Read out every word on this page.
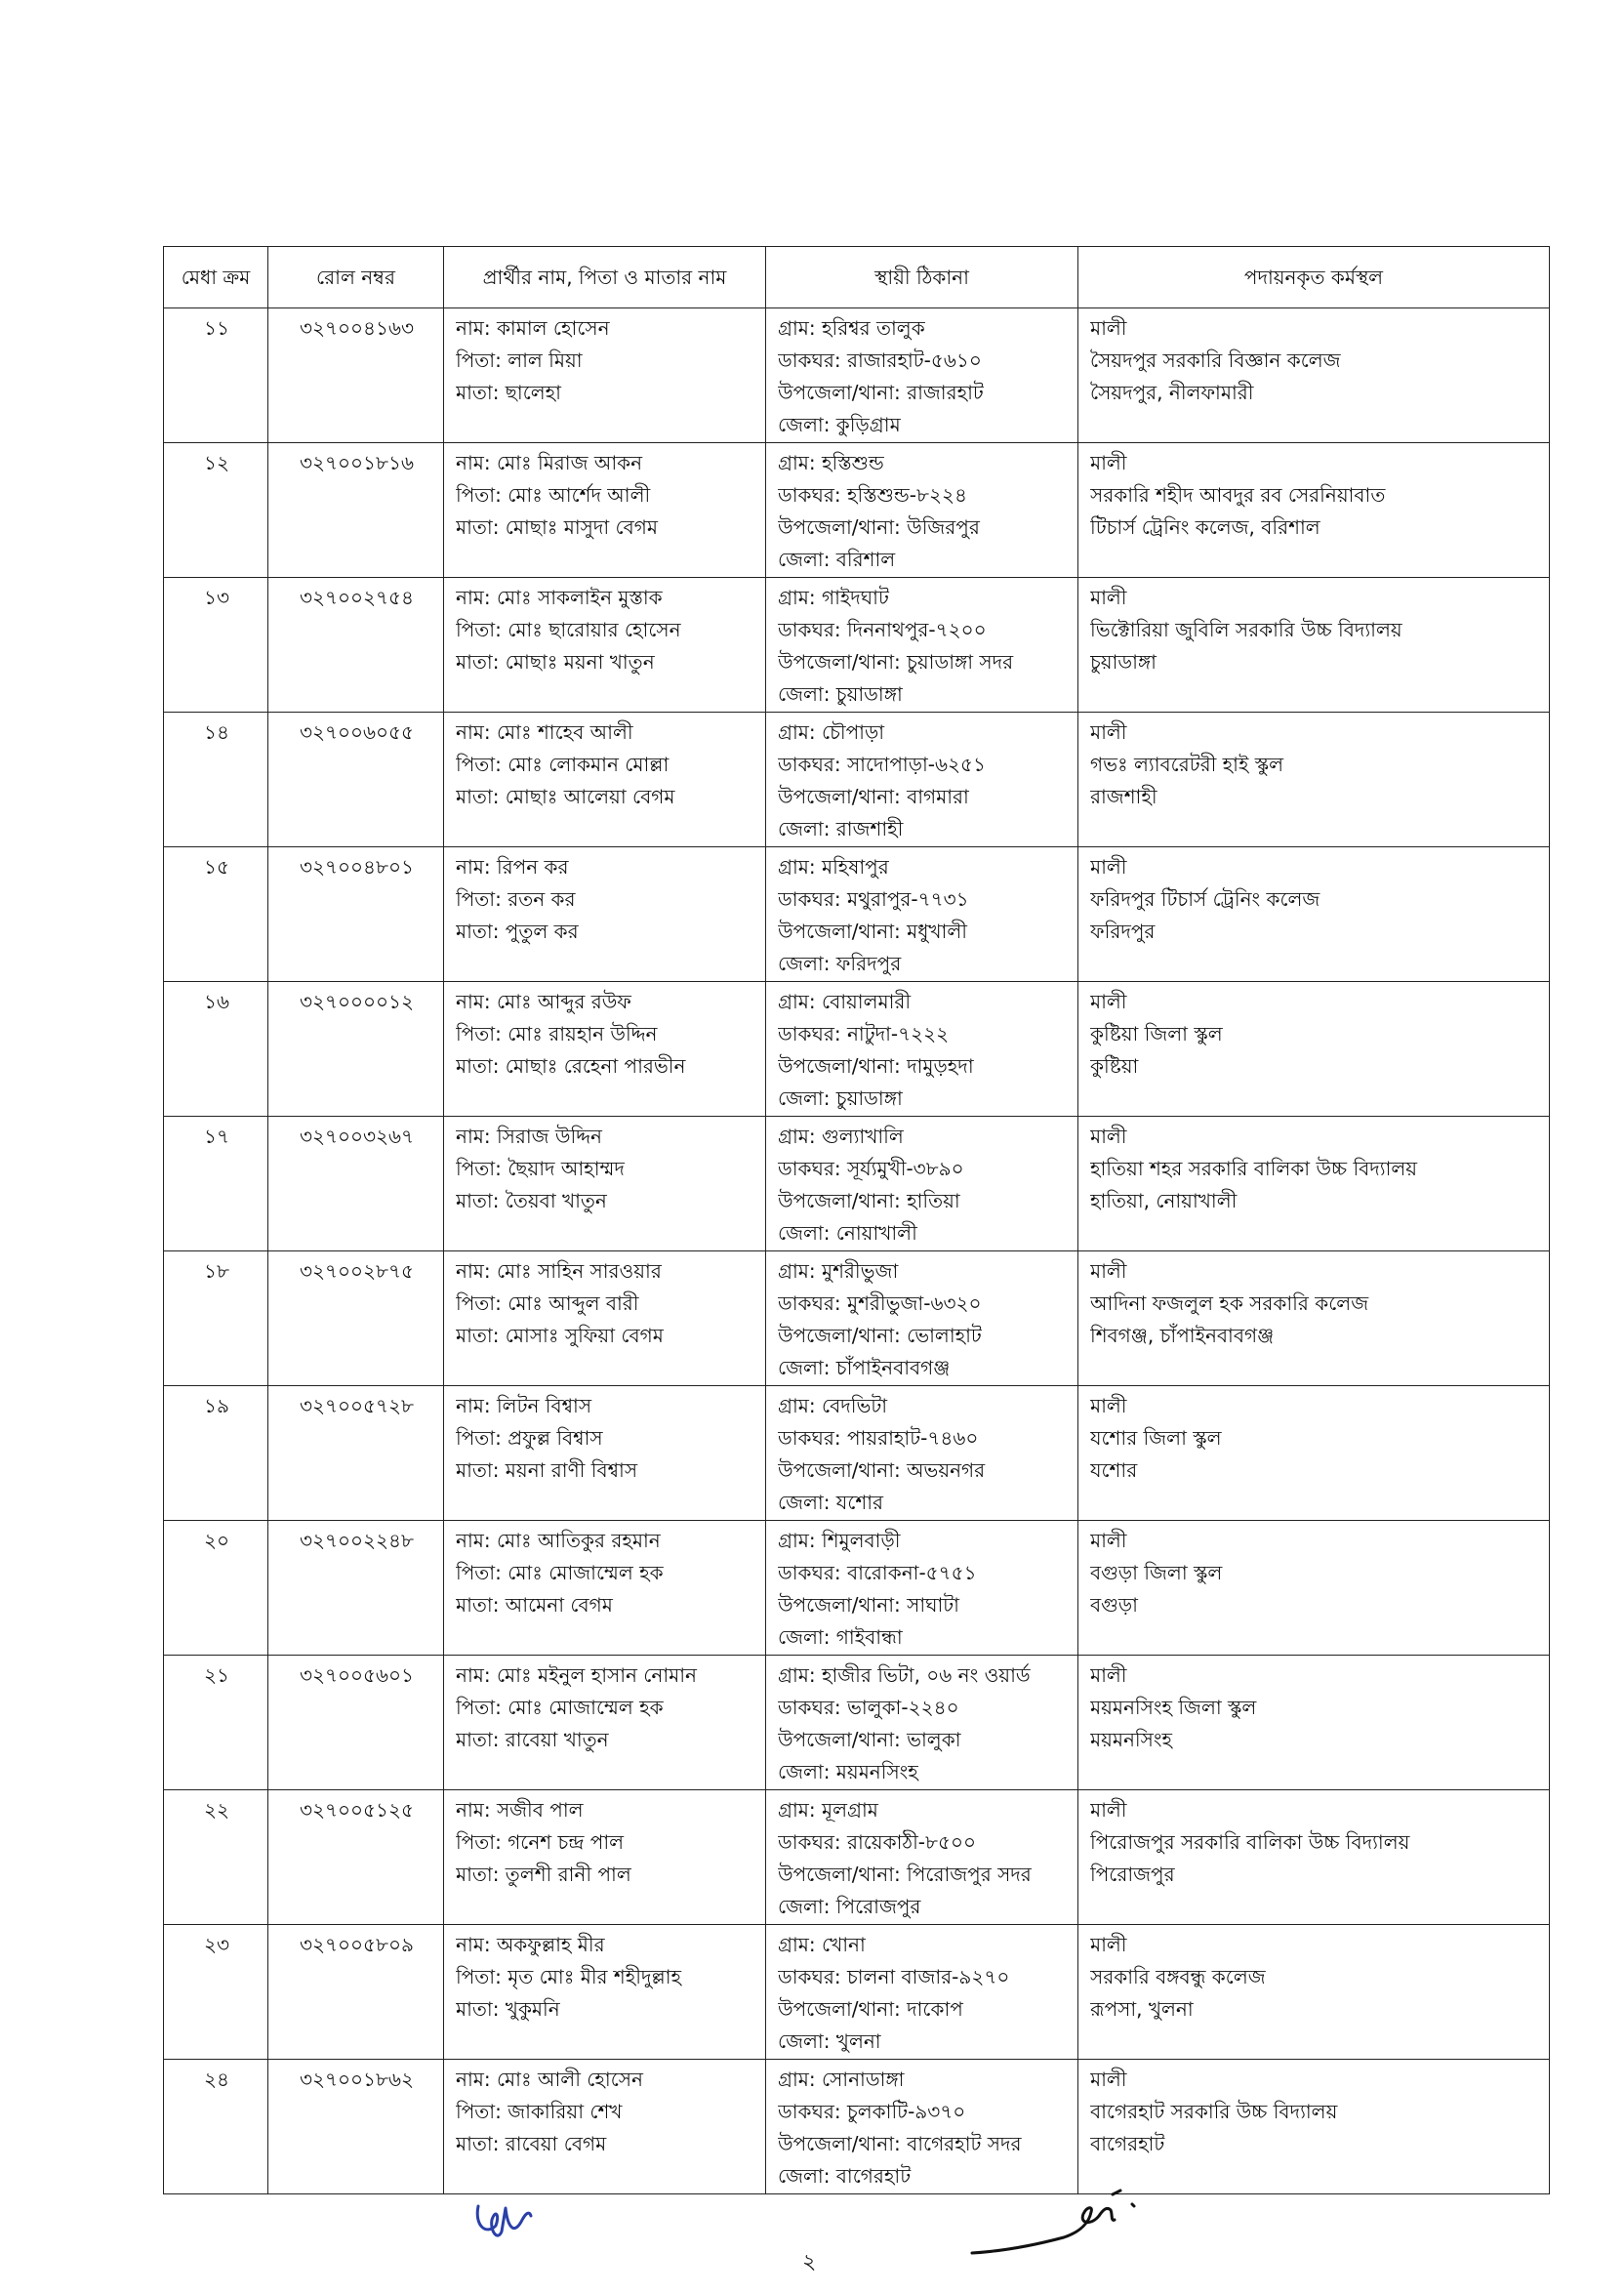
মেধা ক্রম	রোল নম্বর	প্রার্থীর নাম, পিতা ও মাতার নাম	স্থায়ী ঠিকানা	পদায়নকৃত কর্মস্থল

১১	৩২৭০০৪১৬৩	নাম: কামাল হোসেন
পিতা: লাল মিয়া
মাতা: ছালেহা	গ্রাম: হরিশ্বর তালুক
ডাকঘর: রাজারহাট-৫৬১০
উপজেলা/থানা: রাজারহাট
জেলা: কুড়িগ্রাম	মালী
সৈয়দপুর সরকারি বিজ্ঞান কলেজ
সৈয়দপুর, নীলফামারী

১২	৩২৭০০১৮১৬	নাম: মোঃ মিরাজ আকন
পিতা: মোঃ আর্শেদ আলী
মাতা: মোছাঃ মাসুদা বেগম	গ্রাম: হস্তিশুন্ড
ডাকঘর: হস্তিশুন্ড-৮২২৪
উপজেলা/থানা: উজিরপুর
জেলা: বরিশাল	মালী
সরকারি শহীদ আবদুর রব সেরনিয়াবাত
টিচার্স ট্রেনিং কলেজ, বরিশাল

১৩	৩২৭০০২৭৫৪	নাম: মোঃ সাকলাইন মুস্তাক
পিতা: মোঃ ছারোয়ার হোসেন
মাতা: মোছাঃ ময়না খাতুন	গ্রাম: গাইদঘাট
ডাকঘর: দিননাথপুর-৭২০০
উপজেলা/থানা: চুয়াডাঙ্গা সদর
জেলা: চুয়াডাঙ্গা	মালী
ভিক্টোরিয়া জুবিলি সরকারি উচ্চ বিদ্যালয়
চুয়াডাঙ্গা

১৪	৩২৭০০৬০৫৫	নাম: মোঃ শাহেব আলী
পিতা: মোঃ লোকমান মোল্লা
মাতা: মোছাঃ আলেয়া বেগম	গ্রাম: চৌপাড়া
ডাকঘর: সাদোপাড়া-৬২৫১
উপজেলা/থানা: বাগমারা
জেলা: রাজশাহী	মালী
গভঃ ল্যাবরেটরী হাই স্কুল
রাজশাহী

১৫	৩২৭০০৪৮০১	নাম: রিপন কর
পিতা: রতন কর
মাতা: পুতুল কর	গ্রাম: মহিষাপুর
ডাকঘর: মথুরাপুর-৭৭৩১
উপজেলা/থানা: মধুখালী
জেলা: ফরিদপুর	মালী
ফরিদপুর টিচার্স ট্রেনিং কলেজ
ফরিদপুর

১৬	৩২৭০০০০১২	নাম: মোঃ আব্দুর রউফ
পিতা: মোঃ রায়হান উদ্দিন
মাতা: মোছাঃ রেহেনা পারভীন	গ্রাম: বোয়ালমারী
ডাকঘর: নাটুদা-৭২২২
উপজেলা/থানা: দামুড়হদা
জেলা: চুয়াডাঙ্গা	মালী
কুষ্টিয়া জিলা স্কুল
কুষ্টিয়া

১৭	৩২৭০০৩২৬৭	নাম: সিরাজ উদ্দিন
পিতা: ছৈয়াদ আহাম্মদ
মাতা: তৈয়বা খাতুন	গ্রাম: গুল্যাখালি
ডাকঘর: সূর্য্যমুখী-৩৮৯০
উপজেলা/থানা: হাতিয়া
জেলা: নোয়াখালী	মালী
হাতিয়া শহর সরকারি বালিকা উচ্চ বিদ্যালয়
হাতিয়া, নোয়াখালী

১৮	৩২৭০০২৮৭৫	নাম: মোঃ সাহিন সারওয়ার
পিতা: মোঃ আব্দুল বারী
মাতা: মোসাঃ সুফিয়া বেগম	গ্রাম: মুশরীভুজা
ডাকঘর: মুশরীভুজা-৬৩২০
উপজেলা/থানা: ভোলাহাট
জেলা: চাঁপাইনবাবগঞ্জ	মালী
আদিনা ফজলুল হক সরকারি কলেজ
শিবগঞ্জ, চাঁপাইনবাবগঞ্জ

১৯	৩২৭০০৫৭২৮	নাম: লিটন বিশ্বাস
পিতা: প্রফুল্ল বিশ্বাস
মাতা: ময়না রাণী বিশ্বাস	গ্রাম: বেদভিটা
ডাকঘর: পায়রাহাট-৭৪৬০
উপজেলা/থানা: অভয়নগর
জেলা: যশোর	মালী
যশোর জিলা স্কুল
যশোর

২০	৩২৭০০২২৪৮	নাম: মোঃ আতিকুর রহমান
পিতা: মোঃ মোজাম্মেল হক
মাতা: আমেনা বেগম	গ্রাম: শিমুলবাড়ী
ডাকঘর: বারোকনা-৫৭৫১
উপজেলা/থানা: সাঘাটা
জেলা: গাইবান্ধা	মালী
বগুড়া জিলা স্কুল
বগুড়া

২১	৩২৭০০৫৬০১	নাম: মোঃ মইনুল হাসান নোমান
পিতা: মোঃ মোজাম্মেল হক
মাতা: রাবেয়া খাতুন	গ্রাম: হাজীর ভিটা, ০৬ নং ওয়ার্ড
ডাকঘর: ভালুকা-২২৪০
উপজেলা/থানা: ভালুকা
জেলা: ময়মনসিংহ	মালী
ময়মনসিংহ জিলা স্কুল
ময়মনসিংহ

২২	৩২৭০০৫১২৫	নাম: সজীব পাল
পিতা: গনেশ চন্দ্র পাল
মাতা: তুলশী রানী পাল	গ্রাম: মূলগ্রাম
ডাকঘর: রায়েকাঠী-৮৫০০
উপজেলা/থানা: পিরোজপুর সদর
জেলা: পিরোজপুর	মালী
পিরোজপুর সরকারি বালিকা উচ্চ বিদ্যালয়
পিরোজপুর

২৩	৩২৭০০৫৮০৯	নাম: অকফুল্লাহ মীর
পিতা: মৃত মোঃ মীর শহীদুল্লাহ
মাতা: খুকুমনি	গ্রাম: খোনা
ডাকঘর: চালনা বাজার-৯২৭০
উপজেলা/থানা: দাকোপ
জেলা: খুলনা	মালী
সরকারি বঙ্গবন্ধু কলেজ
রূপসা, খুলনা

২৪	৩২৭০০১৮৬২	নাম: মোঃ আলী হোসেন
পিতা: জাকারিয়া শেখ
মাতা: রাবেয়া বেগম	গ্রাম: সোনাডাঙ্গা
ডাকঘর: চুলকাটি-৯৩৭০
উপজেলা/থানা: বাগেরহাট সদর
জেলা: বাগেরহাট	মালী
বাগেরহাট সরকারি উচ্চ বিদ্যালয়
বাগেরহাট
২
